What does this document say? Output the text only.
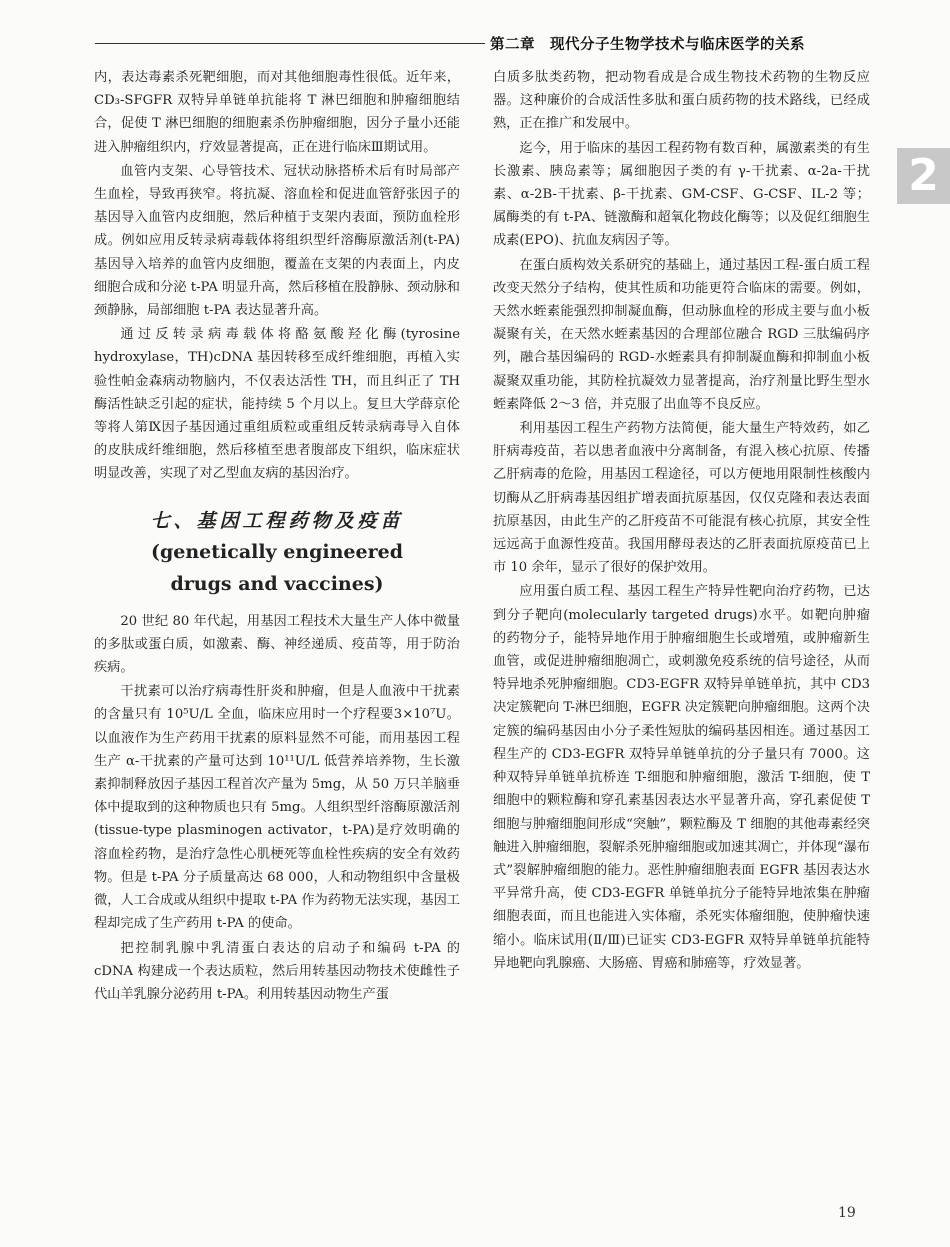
第二章　现代分子生物学技术与临床医学的关系
2

内，表达毒素杀死靶细胞，而对其他细胞毒性很低。近年来，CD₃-SFGFR 双特异单链单抗能将 T 淋巴细胞和肿瘤细胞结合，促使 T 淋巴细胞的细胞素杀伤肿瘤细胞，因分子量小还能进入肿瘤组织内，疗效显著提高，正在进行临床Ⅲ期试用。

血管内支架、心导管技术、冠状动脉搭桥术后有时局部产生血栓，导致再狭窄。将抗凝、溶血栓和促进血管舒张因子的基因导入血管内皮细胞，然后种植于支架内表面，预防血栓形成。例如应用反转录病毒载体将组织型纤溶酶原激活剂(t-PA)基因导入培养的血管内皮细胞，覆盖在支架的内表面上，内皮细胞合成和分泌 t-PA 明显升高，然后移植在股静脉、颈动脉和颈静脉，局部细胞 t-PA 表达显著升高。

通过反转录病毒载体将酪氨酸羟化酶(tyrosine hydroxylase，TH)cDNA 基因转移至成纤维细胞，再植入实验性帕金森病动物脑内，不仅表达活性 TH，而且纠正了 TH 酶活性缺乏引起的症状，能持续 5 个月以上。复旦大学薛京伦等将人第Ⅸ因子基因通过重组质粒或重组反转录病毒导入自体的皮肤成纤维细胞，然后移植至患者腹部皮下组织，临床症状明显改善，实现了对乙型血友病的基因治疗。

七、基因工程药物及疫苗
(genetically engineered
drugs and vaccines)

20 世纪 80 年代起，用基因工程技术大量生产人体中微量的多肽或蛋白质，如激素、酶、神经递质、疫苗等，用于防治疾病。

干扰素可以治疗病毒性肝炎和肿瘤，但是人血液中干扰素的含量只有 10⁵U/L 全血，临床应用时一个疗程要3×10⁷U。以血液作为生产药用干扰素的原料显然不可能，而用基因工程生产 α-干扰素的产量可达到 10¹¹U/L 低营养培养物，生长激素抑制释放因子基因工程首次产量为 5mg，从 50 万只羊脑垂体中提取到的这种物质也只有 5mg。人组织型纤溶酶原激活剂(tissue-type plasminogen activator，t-PA)是疗效明确的溶血栓药物，是治疗急性心肌梗死等血栓性疾病的安全有效药物。但是 t-PA 分子质量高达 68 000，人和动物组织中含量极微，人工合成或从组织中提取 t-PA 作为药物无法实现，基因工程却完成了生产药用 t-PA 的使命。

把控制乳腺中乳清蛋白表达的启动子和编码 t-PA 的 cDNA 构建成一个表达质粒，然后用转基因动物技术使雌性子代山羊乳腺分泌药用 t-PA。利用转基因动物生产蛋

白质多肽类药物，把动物看成是合成生物技术药物的生物反应器。这种廉价的合成活性多肽和蛋白质药物的技术路线，已经成熟，正在推广和发展中。

迄今，用于临床的基因工程药物有数百种，属激素类的有生长激素、胰岛素等；属细胞因子类的有 γ-干扰素、α-2a-干扰素、α-2B-干扰素、β-干扰素、GM-CSF、G-CSF、IL-2 等；属酶类的有 t-PA、链激酶和超氧化物歧化酶等；以及促红细胞生成素(EPO)、抗血友病因子等。

在蛋白质构效关系研究的基础上，通过基因工程-蛋白质工程改变天然分子结构，使其性质和功能更符合临床的需要。例如，天然水蛭素能强烈抑制凝血酶，但动脉血栓的形成主要与血小板凝聚有关，在天然水蛭素基因的合理部位融合 RGD 三肽编码序列，融合基因编码的 RGD-水蛭素具有抑制凝血酶和抑制血小板凝聚双重功能，其防栓抗凝效力显著提高，治疗剂量比野生型水蛭素降低 2～3 倍，并克服了出血等不良反应。

利用基因工程生产药物方法简便，能大量生产特效药，如乙肝病毒疫苗，若以患者血液中分离制备，有混入核心抗原、传播乙肝病毒的危险，用基因工程途径，可以方便地用限制性核酸内切酶从乙肝病毒基因组扩增表面抗原基因，仅仅克隆和表达表面抗原基因，由此生产的乙肝疫苗不可能混有核心抗原，其安全性远远高于血源性疫苗。我国用酵母表达的乙肝表面抗原疫苗已上市 10 余年，显示了很好的保护效用。

应用蛋白质工程、基因工程生产特异性靶向治疗药物，已达到分子靶向(molecularly targeted drugs)水平。如靶向肿瘤的药物分子，能特异地作用于肿瘤细胞生长或增殖，或肿瘤新生血管，或促进肿瘤细胞凋亡，或刺激免疫系统的信号途径，从而特异地杀死肿瘤细胞。CD3-EGFR 双特异单链单抗，其中 CD3 决定簇靶向 T-淋巴细胞，EGFR 决定簇靶向肿瘤细胞。这两个决定簇的编码基因由小分子柔性短肽的编码基因相连。通过基因工程生产的 CD3-EGFR 双特异单链单抗的分子量只有 7000。这种双特异单链单抗桥连 T-细胞和肿瘤细胞，激活 T-细胞，使 T 细胞中的颗粒酶和穿孔素基因表达水平显著升高，穿孔素促使 T 细胞与肿瘤细胞间形成“突触”，颗粒酶及 T 细胞的其他毒素经突触进入肿瘤细胞，裂解杀死肿瘤细胞或加速其凋亡，并体现“瀑布式”裂解肿瘤细胞的能力。恶性肿瘤细胞表面 EGFR 基因表达水平异常升高，使 CD3-EGFR 单链单抗分子能特异地浓集在肿瘤细胞表面，而且也能进入实体瘤，杀死实体瘤细胞，使肿瘤快速缩小。临床试用(Ⅱ/Ⅲ)已证实 CD3-EGFR 双特异单链单抗能特异地靶向乳腺癌、大肠癌、胃癌和肺癌等，疗效显著。

19
